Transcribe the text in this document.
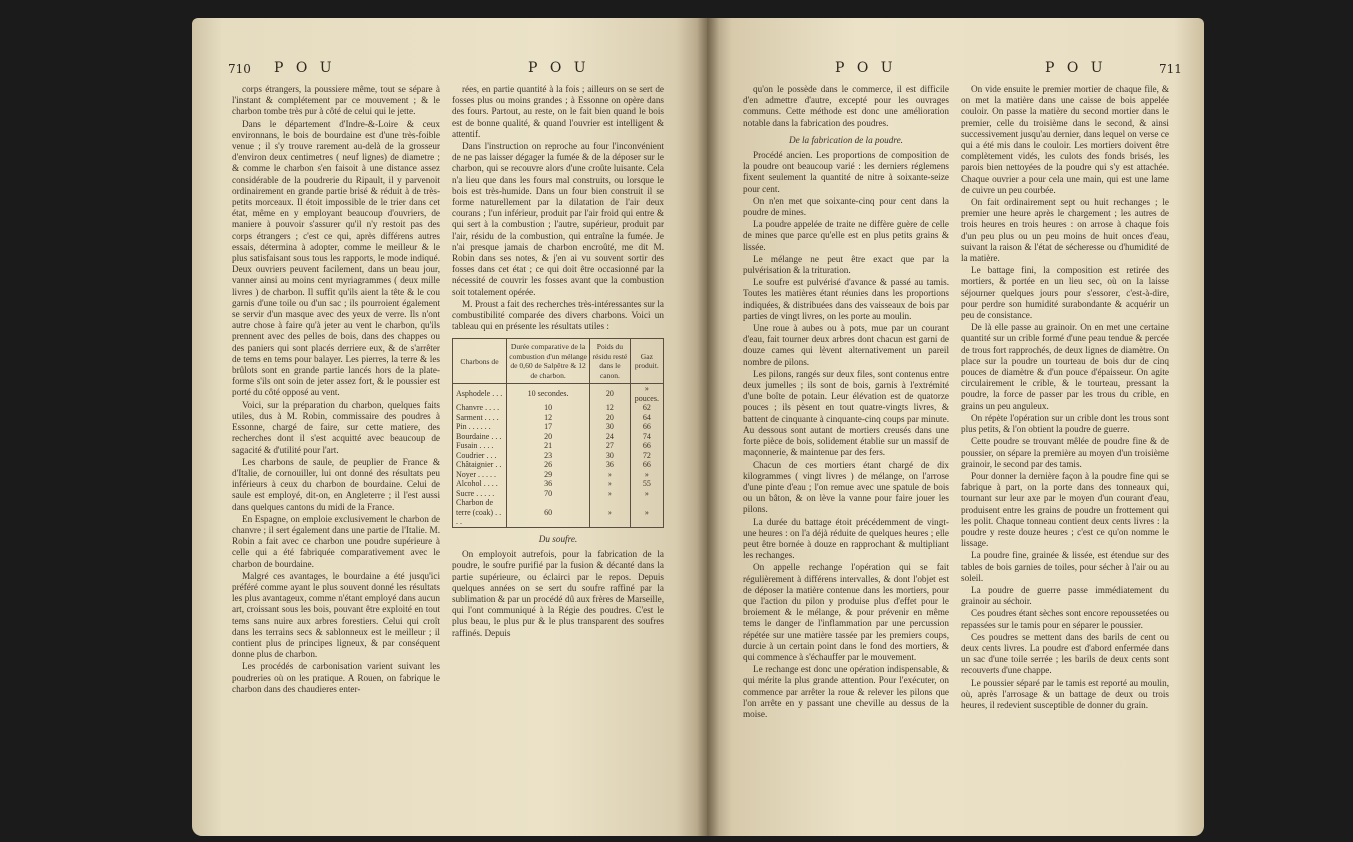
710 P O U	P O U

corps étrangers, la poussiere même, tout se sépare à l'instant & complétement par ce mouvement ; & le charbon tombe très pur à côté de celui qui le jette.

Dans le département d'Indre-&-Loire & ceux environnans, le bois de bourdaine est d'une très-foible venue ; il s'y trouve rarement au-delà de la grosseur d'environ deux centimetres ( neuf lignes) de diametre ; & comme le charbon s'en faisoit à une distance assez considérable de la poudrerie du Ripault, il y parvenoit ordinairement en grande partie brisé & réduit à de très-petits morceaux. Il étoit impossible de le trier dans cet état, même en y employant beaucoup d'ouvriers, de maniere à pouvoir s'assurer qu'il n'y restoit pas des corps étrangers ; c'est ce qui, après différens autres essais, détermina à adopter, comme le meilleur & le plus satisfaisant sous tous les rapports, le mode indiqué. Deux ouvriers peuvent facilement, dans un beau jour, vanner ainsi au moins cent myriagrammes ( deux mille livres ) de charbon. Il suffit qu'ils aient la tête & le cou garnis d'une toile ou d'un sac ; ils pourroient également se servir d'un masque avec des yeux de verre. Ils n'ont autre chose à faire qu'à jeter au vent le charbon, qu'ils prennent avec des pelles de bois, dans des chappes ou des paniers qui sont placés derriere eux, & de s'arrêter de tems en tems pour balayer. Les pierres, la terre & les brûlots sont en grande partie lancés hors de la plate-forme s'ils ont soin de jeter assez fort, & le poussier est porté du côté opposé au vent.

Voici, sur la préparation du charbon, quelques faits utiles, dus à M. Robin, commissaire des poudres à Essonne, chargé de faire, sur cette matiere, des recherches dont il s'est acquitté avec beaucoup de sagacité & d'utilité pour l'art.

Les charbons de saule, de peuplier de France & d'Italie, de cornouiller, lui ont donné des résultats peu inférieurs à ceux du charbon de bourdaine. Celui de saule est employé, dit-on, en Angleterre ; il l'est aussi dans quelques cantons du midi de la France.

En Espagne, on emploie exclusivement le charbon de chanvre ; il sert également dans une partie de l'Italie. M. Robin a fait avec ce charbon une poudre supérieure à celle qui a été fabriquée comparativement avec le charbon de bourdaine.

Malgré ces avantages, le bourdaine a été jusqu'ici préféré comme ayant le plus souvent donné les résultats les plus avantageux, comme n'étant employé dans aucun art, croissant sous les bois, pouvant être exploité en tout tems sans nuire aux arbres forestiers. Celui qui croît dans les terrains secs & sablonneux est le meilleur ; il contient plus de principes ligneux, & par conséquent donne plus de charbon.

Les procédés de carbonisation varient suivant les poudreries où on les pratique. A Rouen, on fabrique le charbon dans des chaudieres enter-

rées, en partie quantité à la fois ; ailleurs on se sert de fosses plus ou moins grandes ; à Essonne on opère dans des fours. Partout, au reste, on le fait bien quand le bois est de bonne qualité, & quand l'ouvrier est intelligent & attentif.

Dans l'instruction on reproche au four l'inconvénient de ne pas laisser dégager la fumée & de la déposer sur le charbon, qui se recouvre alors d'une croûte luisante. Cela n'a lieu que dans les fours mal construits, ou lorsque le bois est très-humide. Dans un four bien construit il se forme naturellement par la dilatation de l'air deux courans ; l'un inférieur, produit par l'air froid qui entre & qui sert à la combustion ; l'autre, supérieur, produit par l'air, résidu de la combustion, qui entraîne la fumée. Je n'ai presque jamais de charbon encroûté, me dit M. Robin dans ses notes, & j'en ai vu souvent sortir des fosses dans cet état ; ce qui doit être occasionné par la nécessité de couvrir les fosses avant que la combustion soit totalement opérée.

M. Proust a fait des recherches très-intéressantes sur la combustibilité comparée des divers charbons. Voici un tableau qui en présente les résultats utiles :

Charbons de	Durée comparative de la combustion d'un mélange de 0,60 de Salpêtre & 12 de charbon.	Poids du résidu resté dans le canon.	Gaz produit.
Asphodele . . .	10 secondes.	20	» pouces.
Chanvre . . . .	10	12	62
Sarment . . . .	12	20	64
Pin . . . . . .	17	30	66
Bourdaine . . .	20	24	74
Fusain . . . .	21	27	66
Coudrier . . .	23	30	72
Châtaignier . .	26	36	66
Noyer . . . . .	29	»	»
Alcohol . . . .	36	»	55
Sucre . . . . .	70	»	»
Charbon de terre (coak) . . . .	60	»	»

Du soufre.

On employoit autrefois, pour la fabrication de la poudre, le soufre purifié par la fusion & décanté dans la partie supérieure, ou éclairci par le repos. Depuis quelques années on se sert du soufre raffiné par la sublimation & par un procédé dû aux frères de Marseille, qui l'ont communiqué à la Régie des poudres. C'est le plus beau, le plus pur & le plus transparent des soufres raffinés. Depuis

P O U	P O U	711

qu'on le possède dans le commerce, il est difficile d'en admettre d'autre, excepté pour les ouvrages communs. Cette méthode est donc une amélioration notable dans la fabrication des poudres.

De la fabrication de la poudre.

Procédé ancien. Les proportions de composition de la poudre ont beaucoup varié : les derniers réglemens fixent seulement la quantité de nitre à soixante-seize pour cent.

On n'en met que soixante-cinq pour cent dans la poudre de mines.

La poudre appelée de traite ne diffère guère de celle de mines que parce qu'elle est en plus petits grains & lissée.

Le mélange ne peut être exact que par la pulvérisation & la trituration.

Le soufre est pulvérisé d'avance & passé au tamis. Toutes les matières étant réunies dans les proportions indiquées, & distribuées dans des vaisseaux de bois par parties de vingt livres, on les porte au moulin.

Une roue à aubes ou à pots, mue par un courant d'eau, fait tourner deux arbres dont chacun est garni de douze cames qui lèvent alternativement un pareil nombre de pilons.

Les pilons, rangés sur deux files, sont contenus entre deux jumelles ; ils sont de bois, garnis à l'extrémité d'une boîte de potain. Leur élévation est de quatorze pouces ; ils pèsent en tout quatre-vingts livres, & battent de cinquante à cinquante-cinq coups par minute. Au dessous sont autant de mortiers creusés dans une forte pièce de bois, solidement établie sur un massif de maçonnerie, & maintenue par des fers.

Chacun de ces mortiers étant chargé de dix kilogrammes ( vingt livres ) de mélange, on l'arrose d'une pinte d'eau ; l'on remue avec une spatule de bois ou un bâton, & on lève la vanne pour faire jouer les pilons.

La durée du battage étoit précédemment de vingt-une heures : on l'a déjà réduite de quelques heures ; elle peut être bornée à douze en rapprochant & multipliant les rechanges.

On appelle rechange l'opération qui se fait régulièrement à différens intervalles, & dont l'objet est de déposer la matière contenue dans les mortiers, pour que l'action du pilon y produise plus d'effet pour le broiement & le mélange, & pour prévenir en même tems le danger de l'inflammation par une percussion répétée sur une matière tassée par les premiers coups, durcie à un certain point dans le fond des mortiers, & qui commence à s'échauffer par le mouvement.

Le rechange est donc une opération indispensable, & qui mérite la plus grande attention. Pour l'exécuter, on commence par arrêter la roue & relever les pilons que l'on arrête en y passant une cheville au dessus de la moise.

On vide ensuite le premier mortier de chaque file, & on met la matière dans une caisse de bois appelée couloir. On passe la matière du second mortier dans le premier, celle du troisième dans le second, & ainsi successivement jusqu'au dernier, dans lequel on verse ce qui a été mis dans le couloir. Les mortiers doivent être complètement vidés, les culots des fonds brisés, les parois bien nettoyées de la poudre qui s'y est attachée. Chaque ouvrier a pour cela une main, qui est une lame de cuivre un peu courbée.

On fait ordinairement sept ou huit rechanges ; le premier une heure après le chargement ; les autres de trois heures en trois heures : on arrose à chaque fois d'un peu plus ou un peu moins de huit onces d'eau, suivant la raison & l'état de sécheresse ou d'humidité de la matière.

Le battage fini, la composition est retirée des mortiers, & portée en un lieu sec, où on la laisse séjourner quelques jours pour s'essorer, c'est-à-dire, pour perdre son humidité surabondante & acquérir un peu de consistance.

De là elle passe au grainoir. On en met une certaine quantité sur un crible formé d'une peau tendue & percée de trous fort rapprochés, de deux lignes de diamètre. On place sur la poudre un tourteau de bois dur de cinq pouces de diamètre & d'un pouce d'épaisseur. On agite circulairement le crible, & le tourteau, pressant la poudre, la force de passer par les trous du crible, en grains un peu anguleux.

On répète l'opération sur un crible dont les trous sont plus petits, & l'on obtient la poudre de guerre.

Cette poudre se trouvant mêlée de poudre fine & de poussier, on sépare la première au moyen d'un troisième grainoir, le second par des tamis.

Pour donner la dernière façon à la poudre fine qui se fabrique à part, on la porte dans des tonneaux qui, tournant sur leur axe par le moyen d'un courant d'eau, produisent entre les grains de poudre un frottement qui les polit. Chaque tonneau contient deux cents livres : la poudre y reste douze heures ; c'est ce qu'on nomme le lissage.

La poudre fine, grainée & lissée, est étendue sur des tables de bois garnies de toiles, pour sécher à l'air ou au soleil.

La poudre de guerre passe immédiatement du grainoir au séchoir.

Ces poudres étant sèches sont encore repoussetées ou repassées sur le tamis pour en séparer le poussier.

Ces poudres se mettent dans des barils de cent ou deux cents livres. La poudre est d'abord enfermée dans un sac d'une toile serrée ; les barils de deux cents sont recouverts d'une chappe.

Le poussier séparé par le tamis est reporté au moulin, où, après l'arrosage & un battage de deux ou trois heures, il redevient susceptible de donner du grain.
